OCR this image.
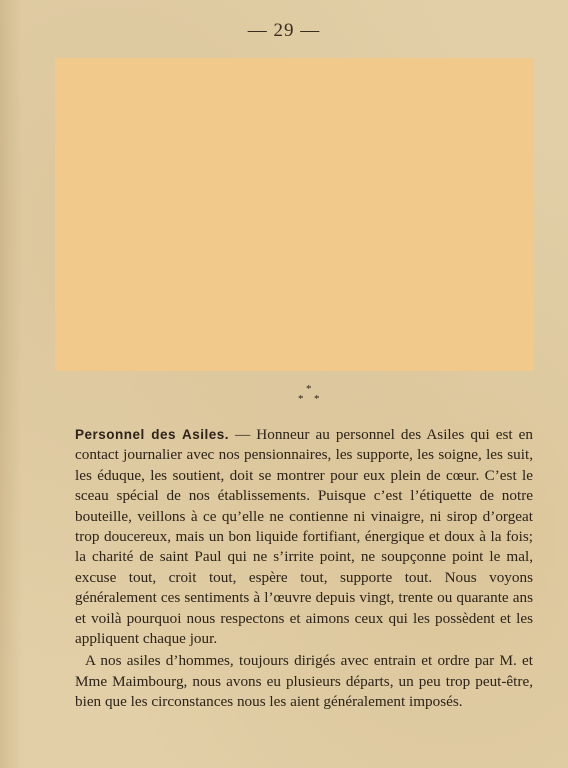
— 29 —
*
* *

Personnel des Asiles. — Honneur au personnel des Asiles qui est en contact journalier avec nos pensionnaires, les supporte, les soigne, les suit, les éduque, les soutient, doit se montrer pour eux plein de cœur. C’est le sceau spécial de nos établissements. Puisque c’est l’étiquette de notre bouteille, veillons à ce qu’elle ne contienne ni vinaigre, ni sirop d’orgeat trop doucereux, mais un bon liquide fortifiant, énergique et doux à la fois; la charité de saint Paul qui ne s’irrite point, ne soupçonne point le mal, excuse tout, croit tout, espère tout, supporte tout. Nous voyons généralement ces sentiments à l’œuvre depuis vingt, trente ou quarante ans et voilà pourquoi nous respectons et aimons ceux qui les possèdent et les appliquent chaque jour.

A nos asiles d’hommes, toujours dirigés avec entrain et ordre par M. et Mme Maimbourg, nous avons eu plusieurs départs, un peu trop peut-être, bien que les circonstances nous les aient généralement imposés.
